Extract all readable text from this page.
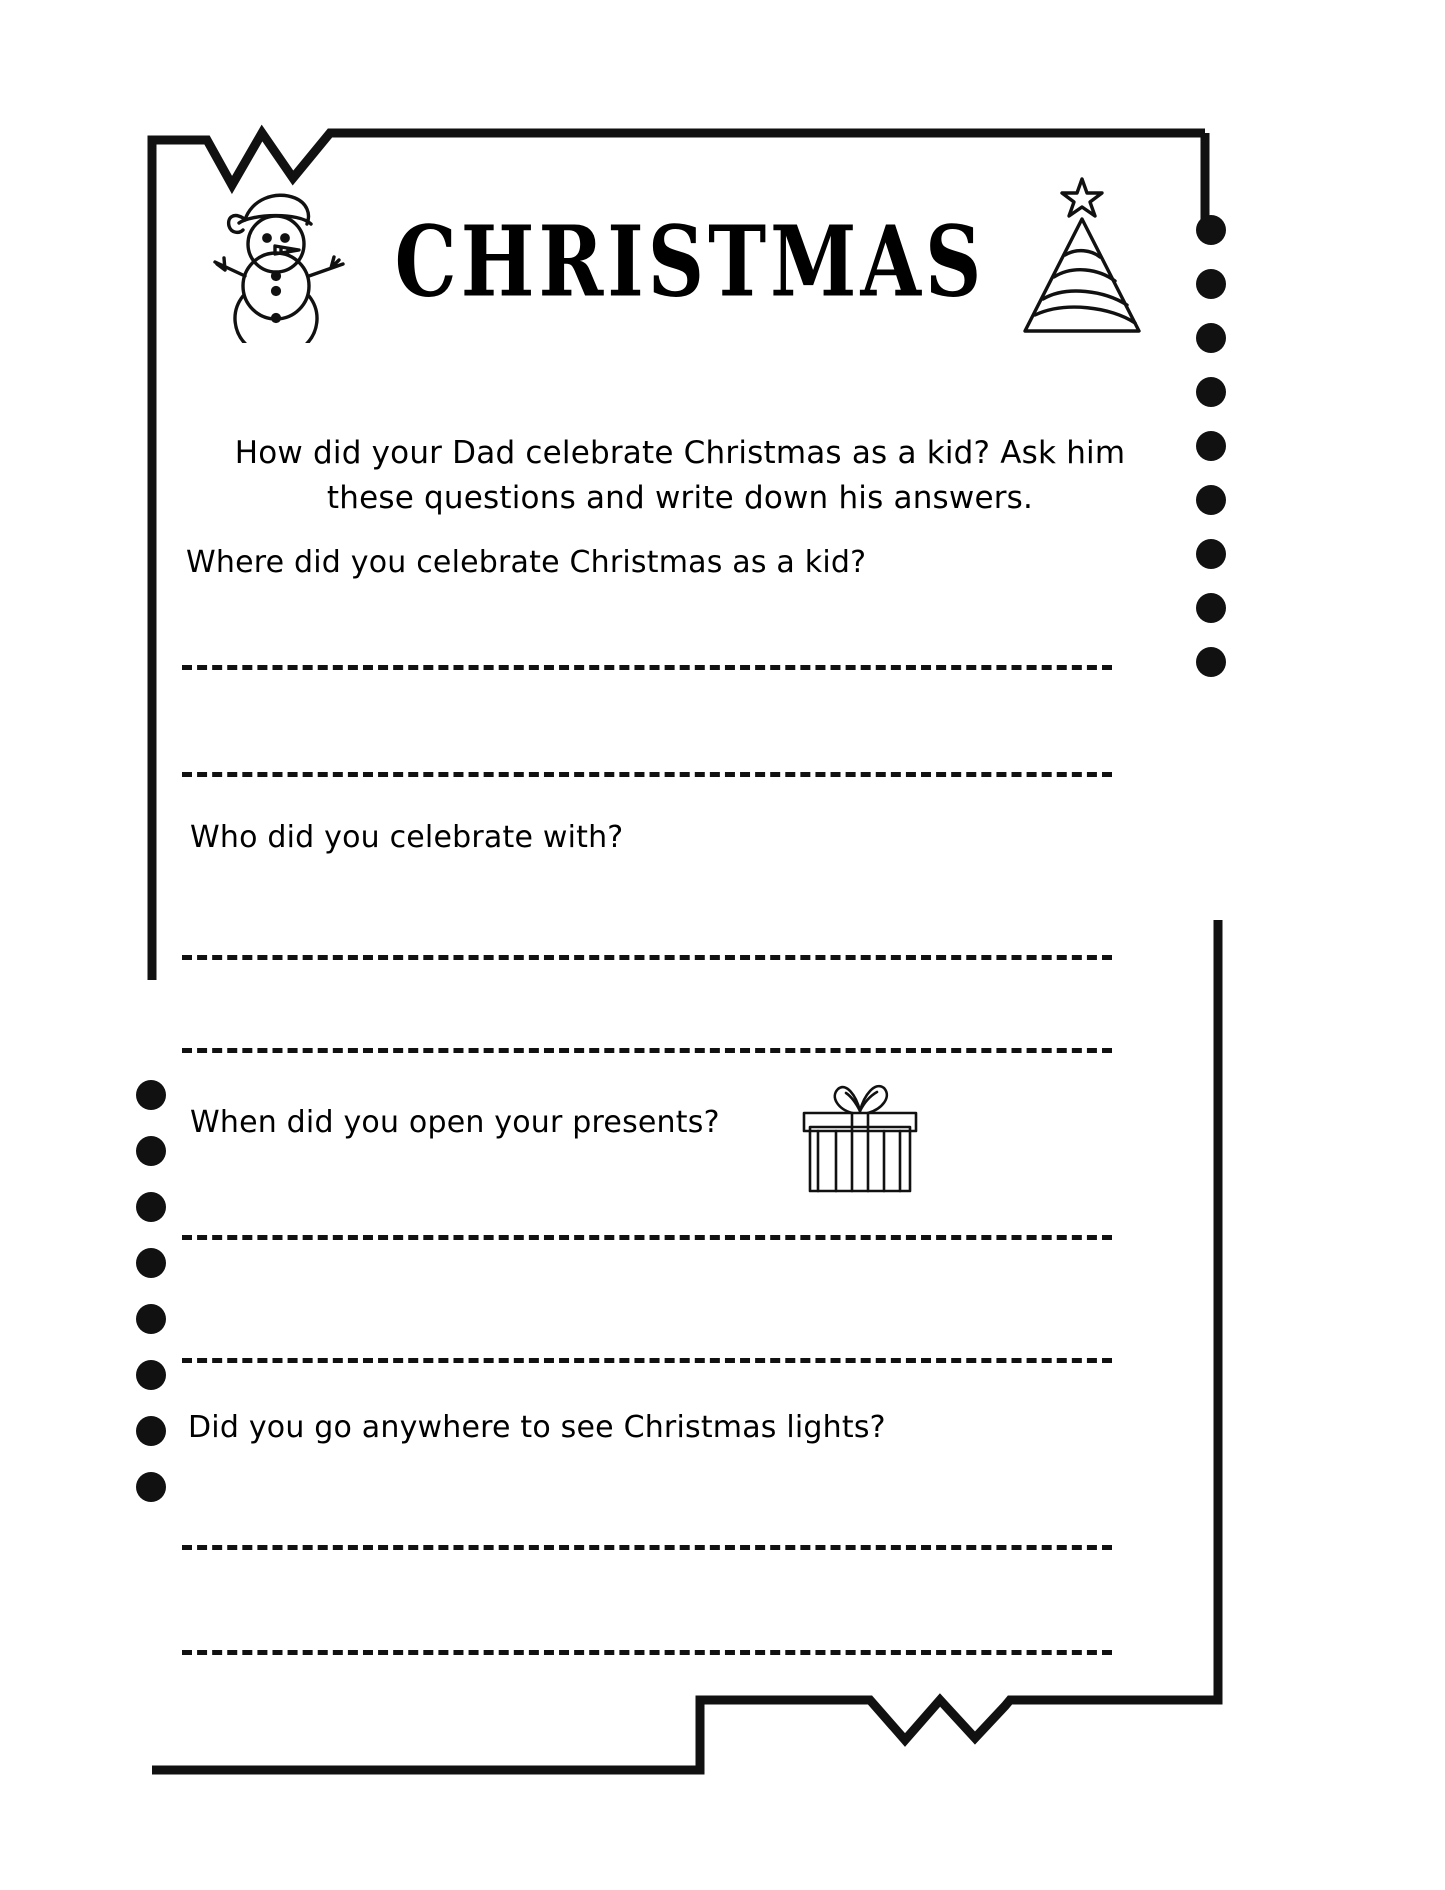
CHRISTMAS

How did your Dad celebrate Christmas as a kid? Ask him these questions and write down his answers.

Where did you celebrate Christmas as a kid?
Who did you celebrate with?
When did you open your presents?
Did you go anywhere to see Christmas lights?
